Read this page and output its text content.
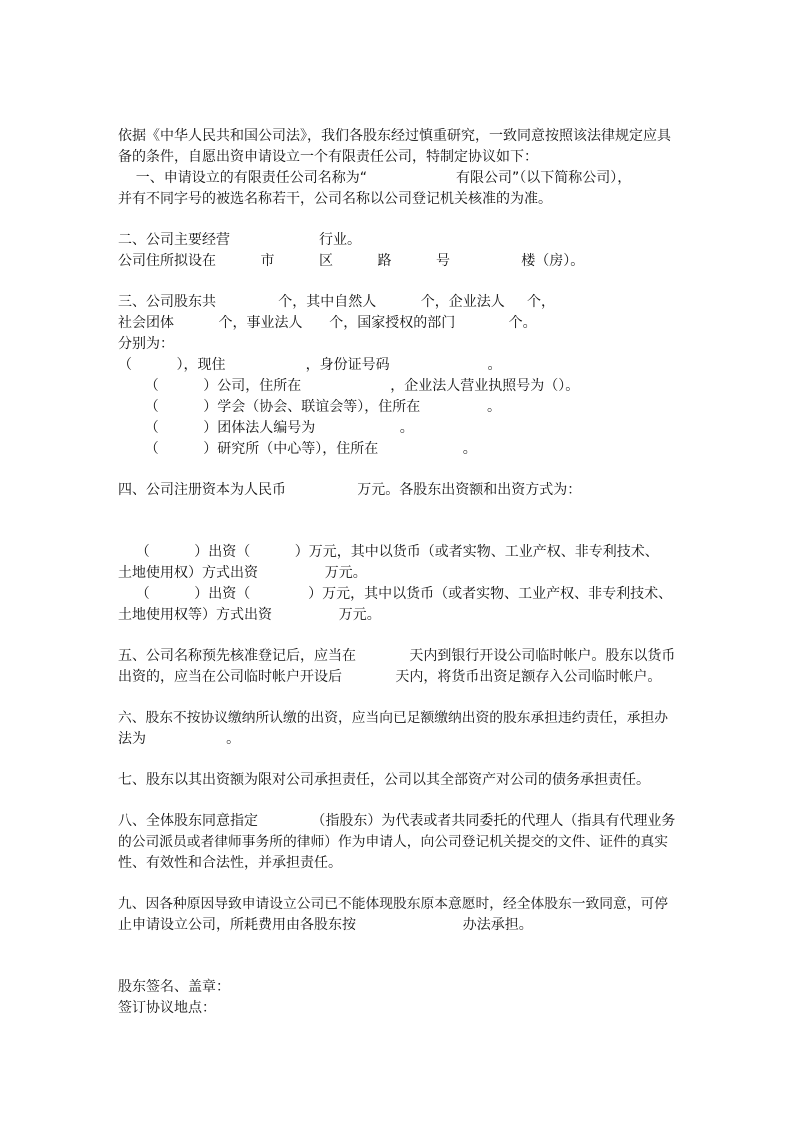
依据《中华人民共和国公司法》，我们各股东经过慎重研究，一致同意按照该法律规定应具
备的条件，自愿出资申请设立一个有限责任公司，特制定协议如下：
一、申请设立的有限责任公司名称为“                    有限公司”（以下简称公司），
并有不同字号的被选名称若干，公司名称以公司登记机关核准的为准。
二、公司主要经营                    行业。
公司住所拟设在          市          区          路          号                楼（房）。
三、公司股东共              个，其中自然人          个，企业法人     个，
社会团体          个，事业法人      个，国家授权的部门            个。
分别为：
（          ），现住                  ，身份证号码                      。
（          ）公司，住所在                    ，企业法人营业执照号为（）。
（          ）学会（协会、联谊会等），住所在               。
（          ）团体法人编号为                   。
（          ）研究所（中心等），住所在                   。
四、公司注册资本为人民币                万元。各股东出资额和出资方式为：
（          ）出资（          ）万元，其中以货币（或者实物、工业产权、非专利技术、
土地使用权）方式出资               万元。
（          ）出资（             ）万元，其中以货币（或者实物、工业产权、非专利技术、
土地使用权等）方式出资               万元。
五、公司名称预先核准登记后，应当在            天内到银行开设公司临时帐户。股东以货币
出资的，应当在公司临时帐户开设后            天内，将货币出资足额存入公司临时帐户。
六、股东不按协议缴纳所认缴的出资，应当向已足额缴纳出资的股东承担违约责任，承担办
法为                  。
七、股东以其出资额为限对公司承担责任，公司以其全部资产对公司的债务承担责任。
八、全体股东同意指定            （指股东）为代表或者共同委托的代理人（指具有代理业务
的公司派员或者律师事务所的律师）作为申请人，向公司登记机关提交的文件、证件的真实
性、有效性和合法性，并承担责任。
九、因各种原因导致申请设立公司已不能体现股东原本意愿时，经全体股东一致同意，可停
止申请设立公司，所耗费用由各股东按                        办法承担。
股东签名、盖章：
签订协议地点：
